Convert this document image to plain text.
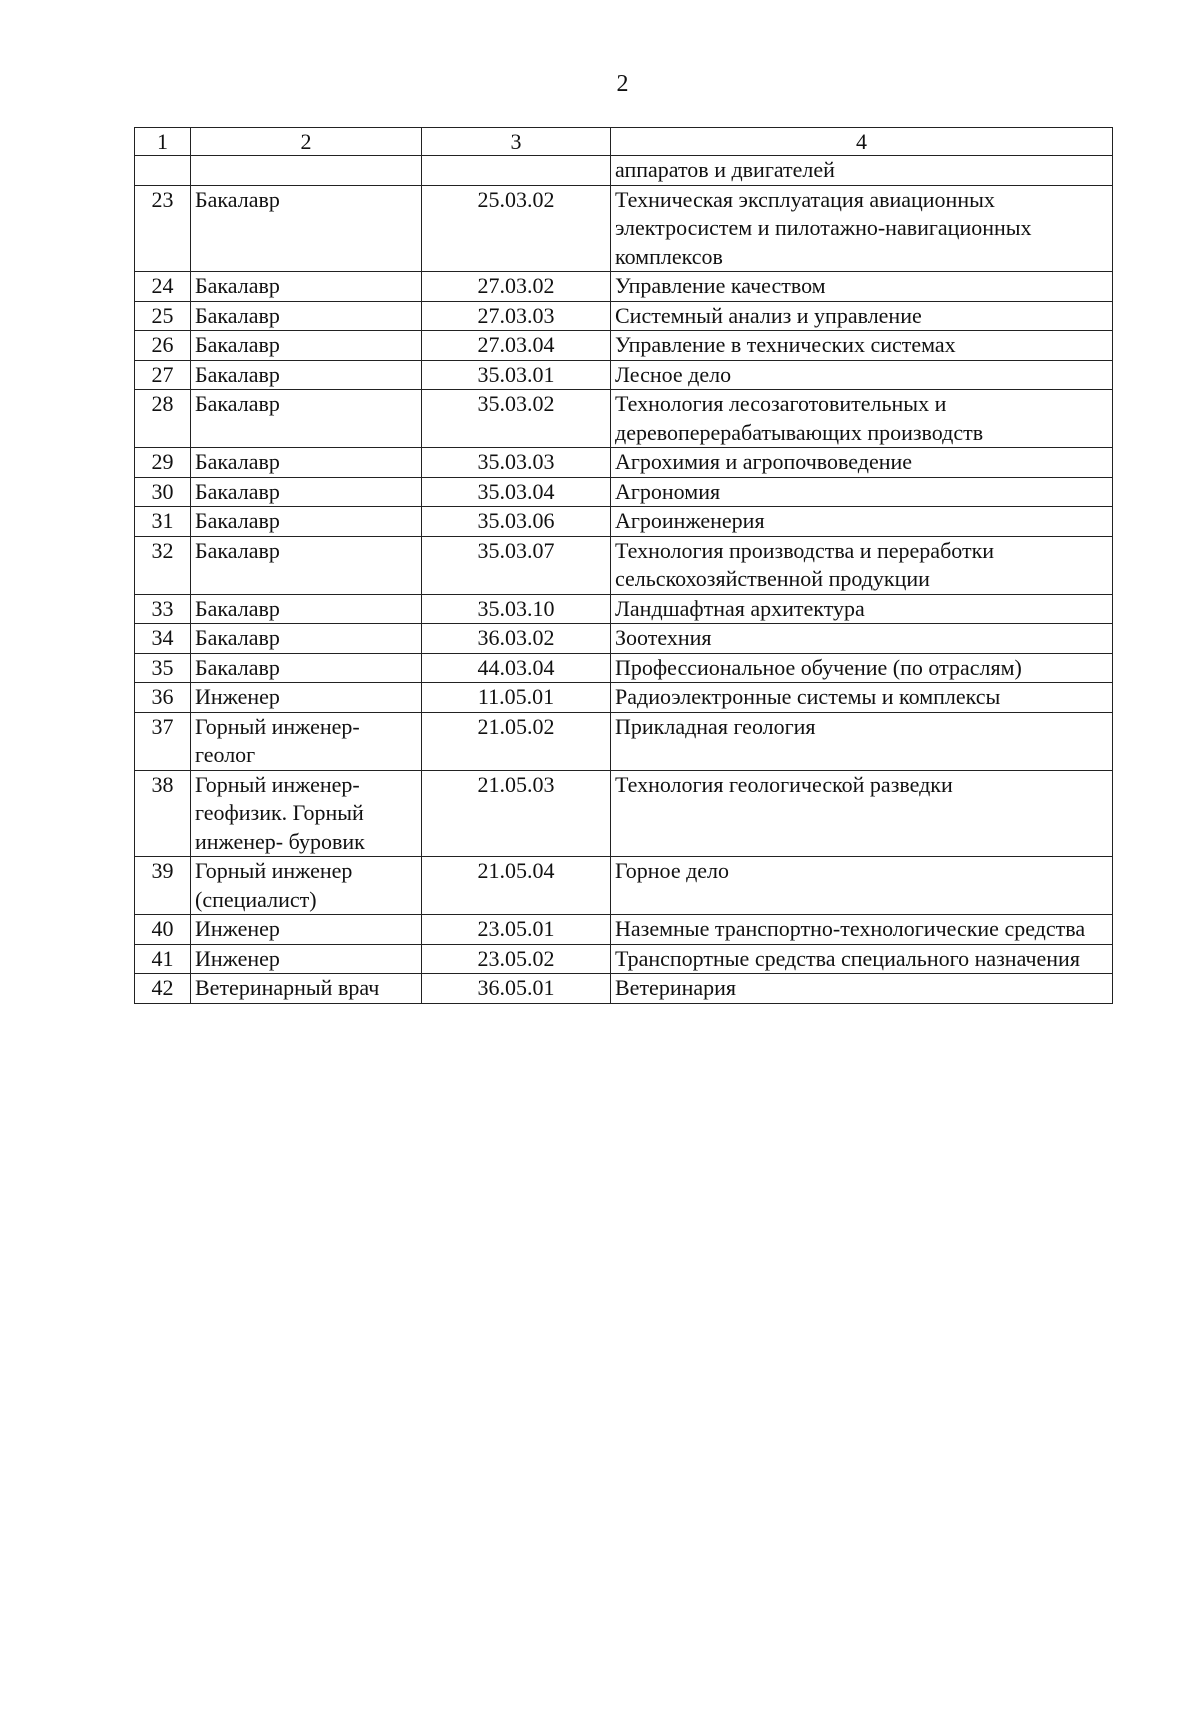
2
1	2	3	4
			аппаратов и двигателей
23	Бакалавр	25.03.02	Техническая эксплуатация авиационных электросистем и пилотажно-навигационных комплексов
24	Бакалавр	27.03.02	Управление качеством
25	Бакалавр	27.03.03	Системный анализ и управление
26	Бакалавр	27.03.04	Управление в технических системах
27	Бакалавр	35.03.01	Лесное дело
28	Бакалавр	35.03.02	Технология лесозаготовительных и деревоперерабатывающих производств
29	Бакалавр	35.03.03	Агрохимия и агропочвоведение
30	Бакалавр	35.03.04	Агрономия
31	Бакалавр	35.03.06	Агроинженерия
32	Бакалавр	35.03.07	Технология производства и переработки сельскохозяйственной продукции
33	Бакалавр	35.03.10	Ландшафтная архитектура
34	Бакалавр	36.03.02	Зоотехния
35	Бакалавр	44.03.04	Профессиональное обучение (по отраслям)
36	Инженер	11.05.01	Радиоэлектронные системы и комплексы
37	Горный инженер- геолог	21.05.02	Прикладная геология
38	Горный инженер- геофизик. Горный инженер- буровик	21.05.03	Технология геологической разведки
39	Горный инженер (специалист)	21.05.04	Горное дело
40	Инженер	23.05.01	Наземные транспортно-технологические средства
41	Инженер	23.05.02	Транспортные средства специального назначения
42	Ветеринарный врач	36.05.01	Ветеринария
